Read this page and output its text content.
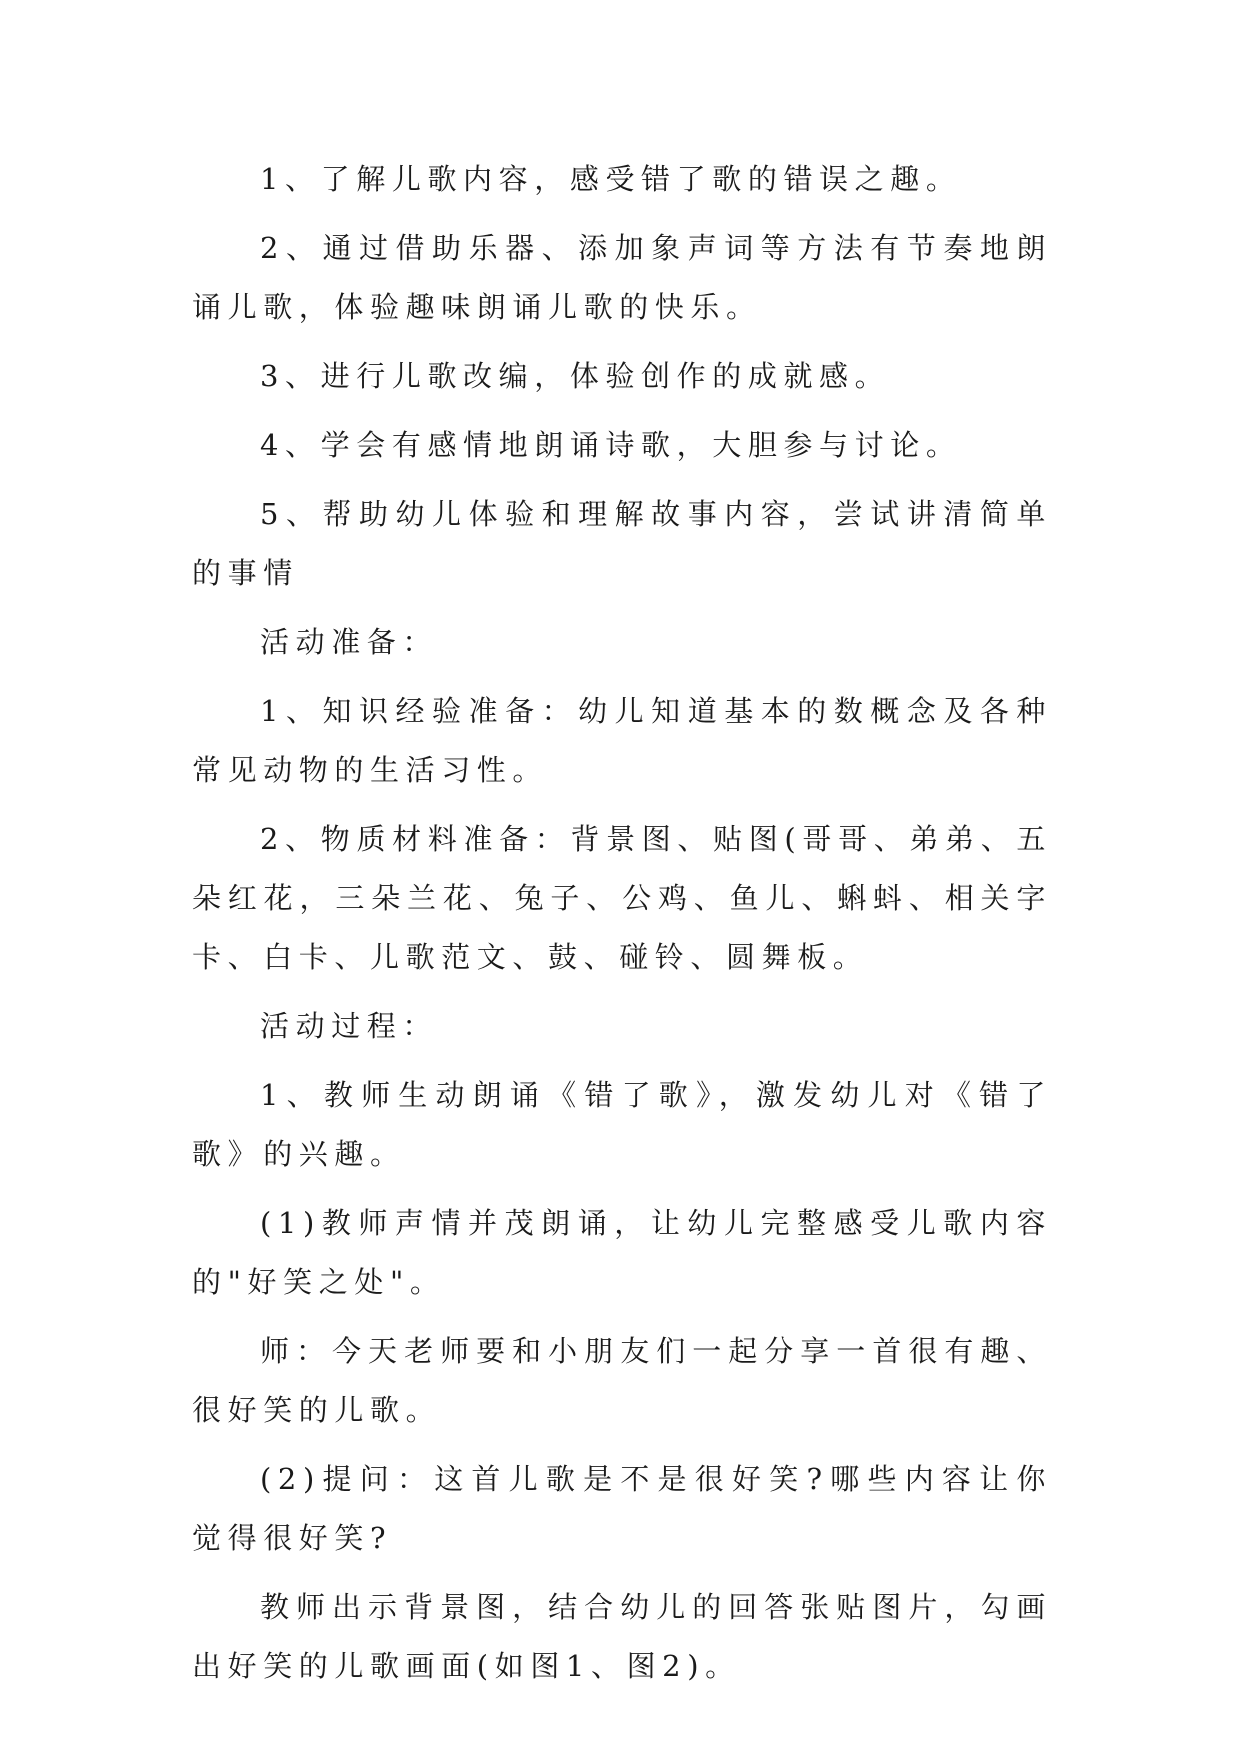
1、了解儿歌内容，感受错了歌的错误之趣。

2、通过借助乐器、添加象声词等方法有节奏地朗诵儿歌，体验趣味朗诵儿歌的快乐。

3、进行儿歌改编，体验创作的成就感。

4、学会有感情地朗诵诗歌，大胆参与讨论。

5、帮助幼儿体验和理解故事内容，尝试讲清简单的事情

活动准备：

1、知识经验准备：幼儿知道基本的数概念及各种常见动物的生活习性。

2、物质材料准备：背景图、贴图(哥哥、弟弟、五朵红花，三朵兰花、兔子、公鸡、鱼儿、蝌蚪、相关字卡、白卡、儿歌范文、鼓、碰铃、圆舞板。

活动过程：

1、教师生动朗诵《错了歌》，激发幼儿对《错了歌》的兴趣。

(1)教师声情并茂朗诵，让幼儿完整感受儿歌内容的"好笑之处"。

师：今天老师要和小朋友们一起分享一首很有趣、很好笑的儿歌。

(2)提问：这首儿歌是不是很好笑?哪些内容让你觉得很好笑?

教师出示背景图，结合幼儿的回答张贴图片，勾画出好笑的儿歌画面(如图1、图2)。
